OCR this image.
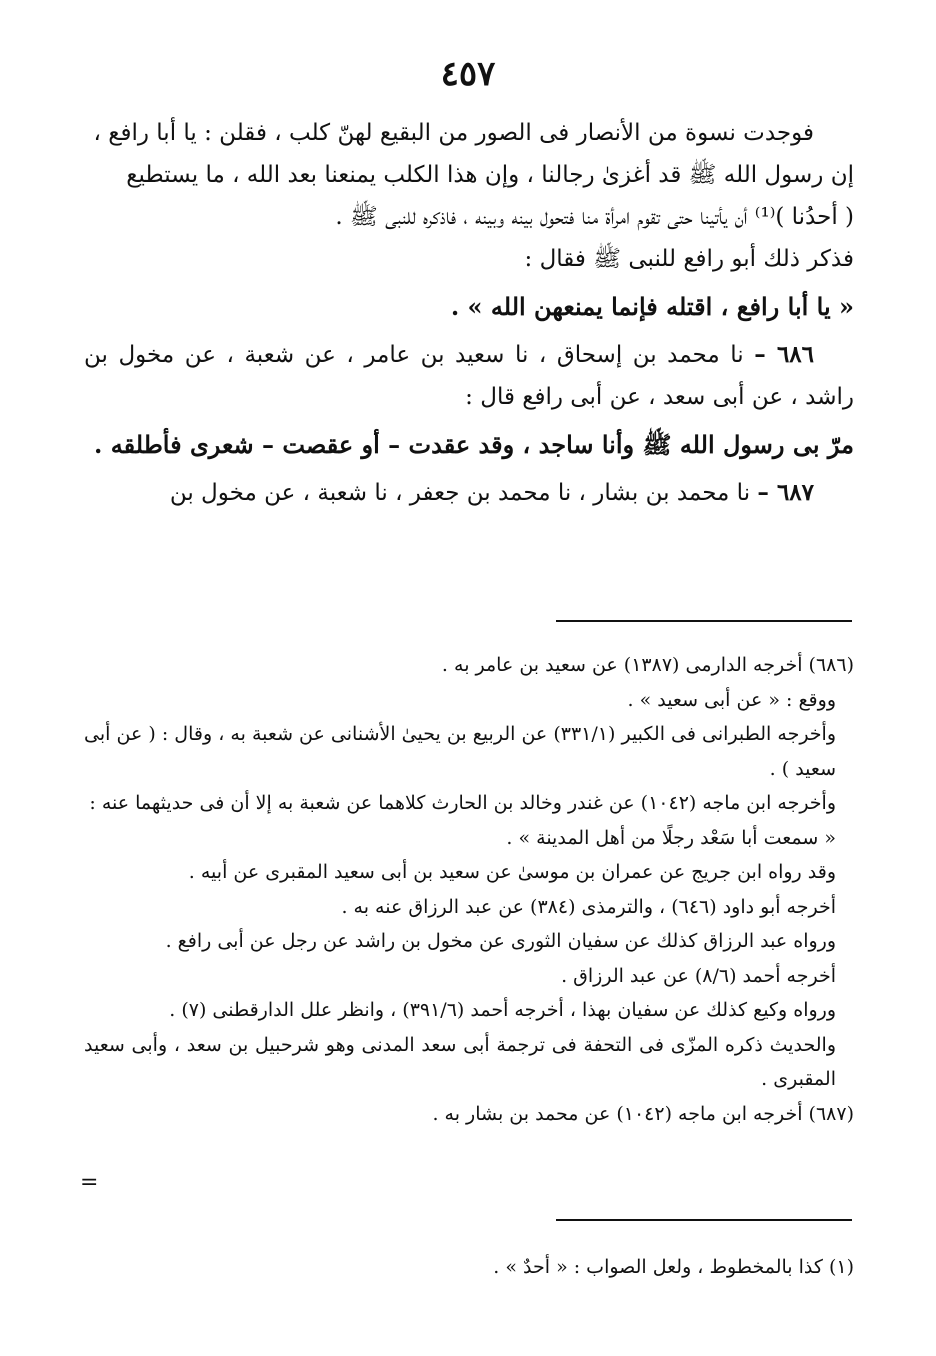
٤٥٧

فوجدت نسوة من الأنصار فى الصور من البقيع لهنّ كلب ، فقلن : يا أبا رافع ،

إن رسول الله ﷺ قد أغزىٰ رجالنا ، وإن هذا الكلب يمنعنا بعد الله ، ما يستطيع

( أحدُنا )⁽¹⁾ أن يأتينا حتى تقوم امرأة منا فتحول بينه وبينه ، فاذكره للنبى ﷺ .

فذكر ذلك أبو رافع للنبى ﷺ فقال :

« يا أبا رافع ، اقتله فإنما يمنعهن الله » .

٦٨٦ – نا محمد بن إسحاق ، نا سعيد بن عامر ، عن شعبة ، عن مخول بن راشد ، عن أبى سعد ، عن أبى رافع قال :

مرّ بى رسول الله ﷺ وأنا ساجد ، وقد عقدت – أو عقصت – شعرى فأطلقه .

٦٨٧ – نا محمد بن بشار ، نا محمد بن جعفر ، نا شعبة ، عن مخول بن

(٦٨٦) أخرجه الدارمى (١٣٨٧) عن سعيد بن عامر به .

ووقع : « عن أبى سعيد » .

وأخرجه الطبرانى فى الكبير (٣٣١/١) عن الربيع بن يحيىٰ الأشنانى عن شعبة به ، وقال : ( عن أبى سعيد ) .

وأخرجه ابن ماجه (١٠٤٢) عن غندر وخالد بن الحارث كلاهما عن شعبة به إلا أن فى حديثهما عنه :

« سمعت أبا سَعْد رجلًا من أهل المدينة » .

وقد رواه ابن جريج عن عمران بن موسىٰ عن سعيد بن أبى سعيد المقبرى عن أبيه .

أخرجه أبو داود (٦٤٦) ، والترمذى (٣٨٤) عن عبد الرزاق عنه به .

ورواه عبد الرزاق كذلك عن سفيان الثورى عن مخول بن راشد عن رجل عن أبى رافع .

أخرجه أحمد (٨/٦) عن عبد الرزاق .

ورواه وكيع كذلك عن سفيان بهذا ، أخرجه أحمد (٣٩١/٦) ، وانظر علل الدارقطنى (٧) .

والحديث ذكره المزّى فى التحفة فى ترجمة أبى سعد المدنى وهو شرحبيل بن سعد ، وأبى سعيد المقبرى .

(٦٨٧) أخرجه ابن ماجه (١٠٤٢) عن محمد بن بشار به .

=

(١) كذا بالمخطوط ، ولعل الصواب : « أحدٌ » .
